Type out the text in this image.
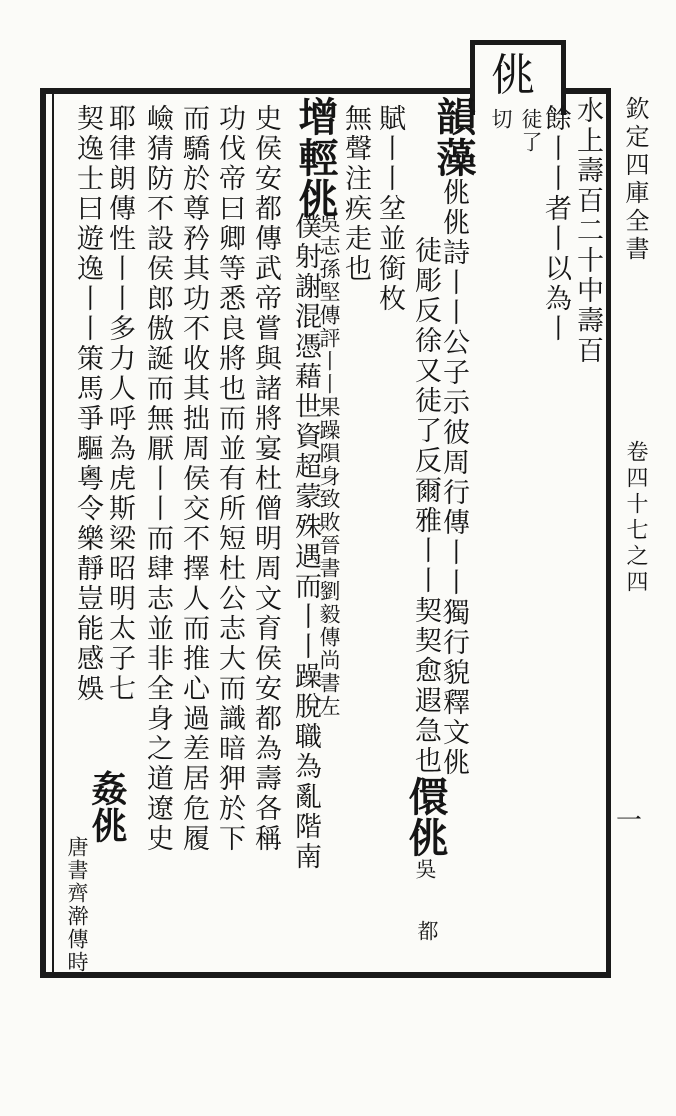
佻
欽定四庫全書
卷四十七之四
一
水上壽百二十中壽百
餘丨丨者丨以為丨
徒了
切
韻藻佻佻詩丨丨公子示彼周行傳丨丨獨行貌釋文佻
徒彫反徐又徒了反爾雅丨丨契契愈遐急也儇佻吳
賦丨丨坌並銜枚
都
無聲注疾走也
增輕佻
吳志孫堅傳評丨丨果躁隕身致敗晉書劉毅傳尚書左
僕射謝混憑藉世資超蒙殊遇而丨丨躁脫職為亂階南
史侯安都傳武帝嘗與諸將宴杜僧明周文育侯安都為壽各稱
功伐帝曰卿等悉良將也而並有所短杜公志大而識暗狎於下
而驕於尊矜其功不收其拙周侯交不擇人而推心過差居危履
嶮猜防不設侯郎傲誕而無厭丨丨而肆志並非全身之道遼史
耶律朗傳性丨丨多力人呼為虎斯梁昭明太子七
契逸士曰遊逸丨丨策馬爭驅粵令樂靜豈能感娛
姦佻
唐書齊澣傳時
